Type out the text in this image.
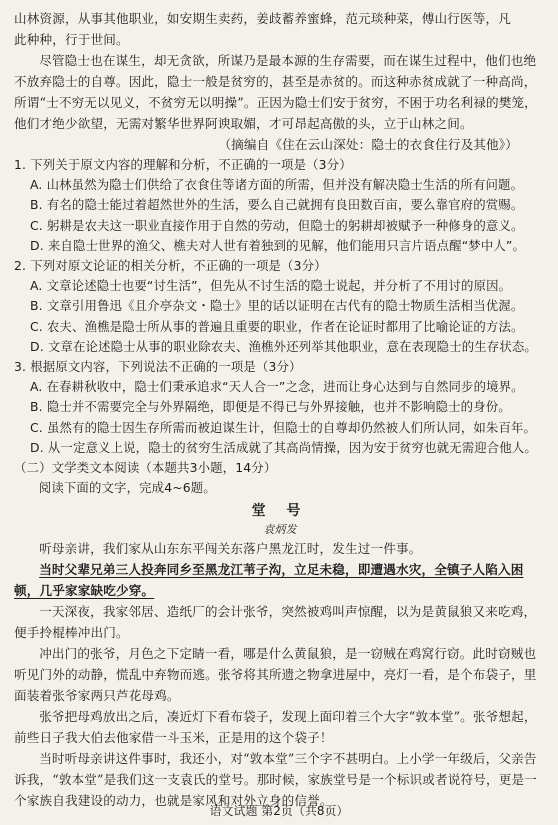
山林资源，从事其他职业，如安期生卖药，姜歧蓄养蜜蜂，范元琰种菜，傅山行医等，凡

此种种，行于世间。

尽管隐士也在谋生，却无贪欲，所谋乃是最本源的生存需要，而在谋生过程中，他们也绝不放弃隐士的自尊。因此，隐士一般是贫穷的，甚至是赤贫的。而这种赤贫成就了一种高尚，所谓“士不穷无以见义，不贫穷无以明操”。正因为隐士们安于贫穷，不困于功名利禄的樊笼，他们才绝少欲望，无需对繁华世界阿谀取媚，才可昂起高傲的头，立于山林之间。

（摘编自《住在云山深处：隐士的衣食住行及其他》）

1. 下列关于原文内容的理解和分析，不正确的一项是（3分）

A. 山林虽然为隐士们供给了衣食住等诸方面的所需，但并没有解决隐士生活的所有问题。

B. 有名的隐士能过着超然世外的生活，要么自己就拥有良田数百亩，要么靠官府的赏赐。

C. 躬耕是农夫这一职业直接作用于自然的劳动，但隐士的躬耕却被赋予一种修身的意义。

D. 来自隐士世界的渔父、樵夫对人世有着独到的见解，他们能用只言片语点醒“梦中人”。

2. 下列对原文论证的相关分析，不正确的一项是（3分）

A. 文章论述隐士也要“讨生活”，但先从不讨生活的隐士说起，并分析了不用讨的原因。

B. 文章引用鲁迅《且介亭杂文・隐士》里的话以证明在古代有的隐士物质生活相当优渥。

C. 农夫、渔樵是隐士所从事的普遍且重要的职业，作者在论证时都用了比喻论证的方法。

D. 文章在论述隐士从事的职业除农夫、渔樵外还列举其他职业，意在表现隐士的生存状态。

3. 根据原文内容，下列说法不正确的一项是（3分）

A. 在春耕秋收中，隐士们秉承追求“天人合一”之念，进而让身心达到与自然同步的境界。

B. 隐士并不需要完全与外界隔绝，即便是不得已与外界接触，也并不影响隐士的身份。

C. 虽然有的隐士因生存所需而被迫谋生计，但隐士的自尊却仍然被人们所认同，如朱百年。

D. 从一定意义上说，隐士的贫穷生活成就了其高尚情操，因为安于贫穷也就无需迎合他人。

（二）文学类文本阅读（本题共3小题，14分）

阅读下面的文字，完成4~6题。

堂 号

袁炳发

听母亲讲，我们家从山东东平闯关东落户黑龙江时，发生过一件事。

当时父辈兄弟三人投奔同乡至黑龙江苇子沟，立足未稳，即遭遇水灾，全镇子人陷入困顿，几乎家家缺吃少穿。

一天深夜，我家邻居、造纸厂的会计张爷，突然被鸡叫声惊醒，以为是黄鼠狼又来吃鸡，便手拎棍棒冲出门。

冲出门的张爷，月色之下定睛一看，哪是什么黄鼠狼，是一窃贼在鸡窝行窃。此时窃贼也听见门外的动静，慌乱中弃物而逃。张爷将其所遗之物拿进屋中，亮灯一看，是个布袋子，里面装着张爷家两只芦花母鸡。

张爷把母鸡放出之后，凑近灯下看布袋子，发现上面印着三个大字“敦本堂”。张爷想起，前些日子我大伯去他家借一斗玉米，正是用的这个袋子！

当时听母亲讲这件事时，我还小，对“敦本堂”三个字不甚明白。上小学一年级后，父亲告诉我，“敦本堂”是我们这一支袁氏的堂号。那时候，家族堂号是一个标识或者说符号，更是一个家族自我建设的动力，也就是家风和对外立身的信誉。

语文试题 第2页（共8页）
